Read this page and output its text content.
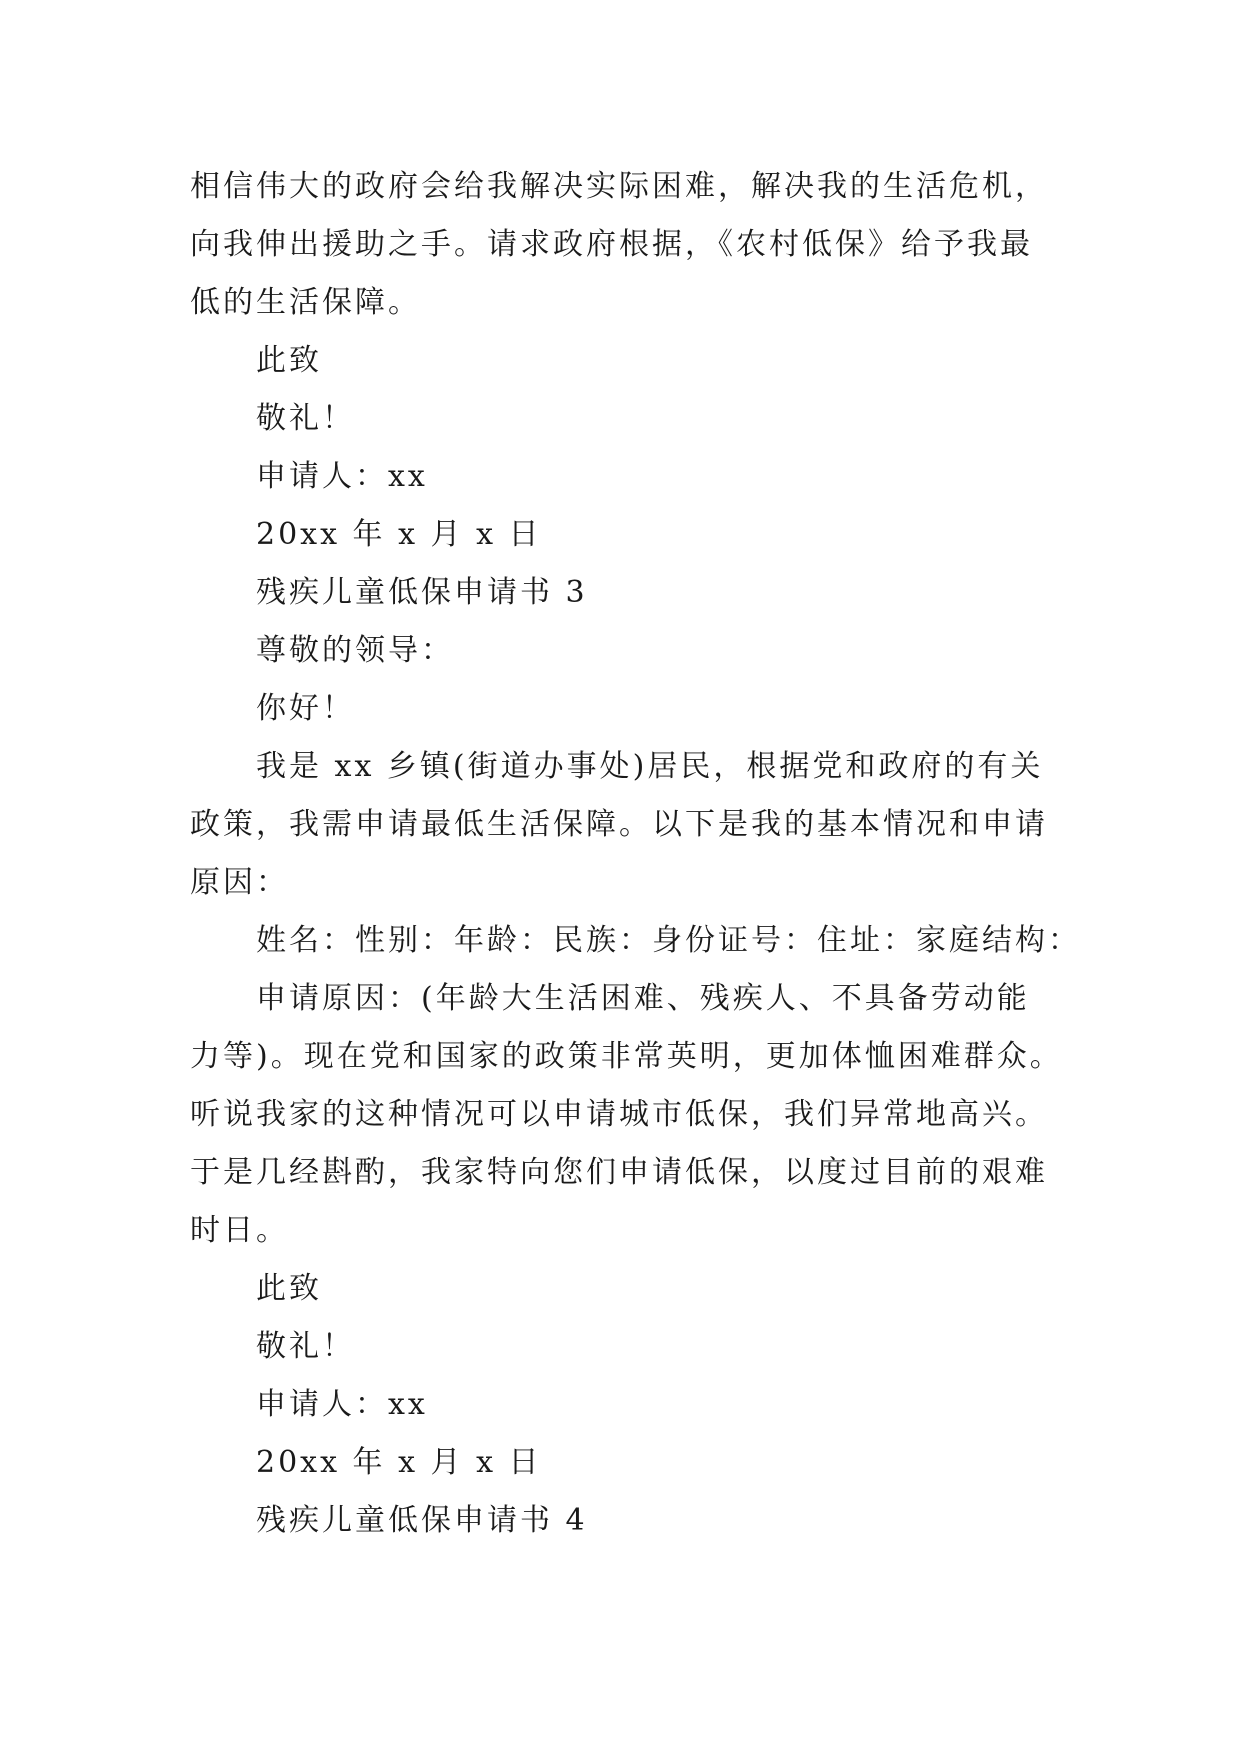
相信伟大的政府会给我解决实际困难，解决我的生活危机，
向我伸出援助之手。请求政府根据，《农村低保》给予我最
低的生活保障。
此致
敬礼！
申请人：xx
20xx 年 x 月 x 日
残疾儿童低保申请书 3
尊敬的领导：
你好！
我是 xx 乡镇(街道办事处)居民，根据党和政府的有关
政策，我需申请最低生活保障。以下是我的基本情况和申请
原因：
姓名：性别：年龄：民族：身份证号：住址：家庭结构：
申请原因：(年龄大生活困难、残疾人、不具备劳动能
力等)。现在党和国家的政策非常英明，更加体恤困难群众。
听说我家的这种情况可以申请城市低保，我们异常地高兴。
于是几经斟酌，我家特向您们申请低保，以度过目前的艰难
时日。
此致
敬礼！
申请人：xx
20xx 年 x 月 x 日
残疾儿童低保申请书 4
